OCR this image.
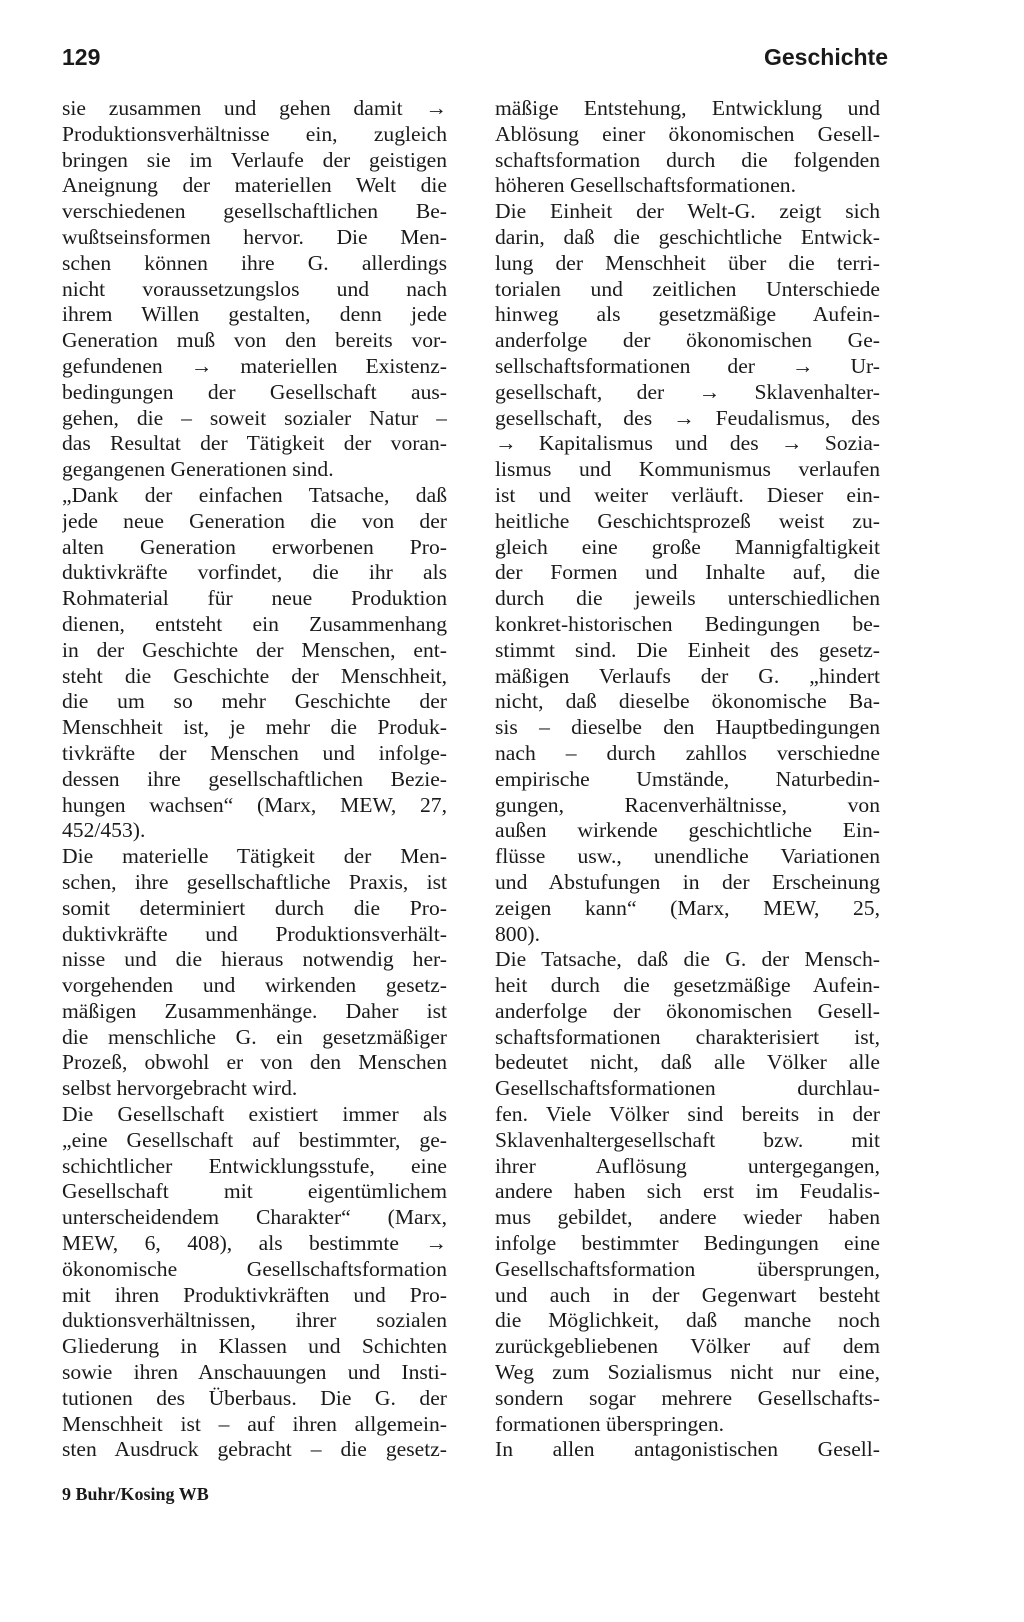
129	Geschichte
sie zusammen und gehen damit →
Produktionsverhältnisse ein, zugleich
bringen sie im Verlaufe der geistigen
Aneignung der materiellen Welt die
verschiedenen gesellschaftlichen Be-
wußtseinsformen hervor. Die Men-
schen können ihre G. allerdings
nicht voraussetzungslos und nach
ihrem Willen gestalten, denn jede
Generation muß von den bereits vor-
gefundenen → materiellen Existenz-
bedingungen der Gesellschaft aus-
gehen, die – soweit sozialer Natur –
das Resultat der Tätigkeit der voran-
gegangenen Generationen sind.
„Dank der einfachen Tatsache, daß
jede neue Generation die von der
alten Generation erworbenen Pro-
duktivkräfte vorfindet, die ihr als
Rohmaterial für neue Produktion
dienen, entsteht ein Zusammenhang
in der Geschichte der Menschen, ent-
steht die Geschichte der Menschheit,
die um so mehr Geschichte der
Menschheit ist, je mehr die Produk-
tivkräfte der Menschen und infolge-
dessen ihre gesellschaftlichen Bezie-
hungen wachsen“ (Marx, MEW, 27,
452/453).
Die materielle Tätigkeit der Men-
schen, ihre gesellschaftliche Praxis, ist
somit determiniert durch die Pro-
duktivkräfte und Produktionsverhält-
nisse und die hieraus notwendig her-
vorgehenden und wirkenden gesetz-
mäßigen Zusammenhänge. Daher ist
die menschliche G. ein gesetzmäßiger
Prozeß, obwohl er von den Menschen
selbst hervorgebracht wird.
Die Gesellschaft existiert immer als
„eine Gesellschaft auf bestimmter, ge-
schichtlicher Entwicklungsstufe, eine
Gesellschaft mit eigentümlichem
unterscheidendem Charakter“ (Marx,
MEW, 6, 408), als bestimmte →
ökonomische Gesellschaftsformation
mit ihren Produktivkräften und Pro-
duktionsverhältnissen, ihrer sozialen
Gliederung in Klassen und Schichten
sowie ihren Anschauungen und Insti-
tutionen des Überbaus. Die G. der
Menschheit ist – auf ihren allgemein-
sten Ausdruck gebracht – die gesetz-
mäßige Entstehung, Entwicklung und
Ablösung einer ökonomischen Gesell-
schaftsformation durch die folgenden
höheren Gesellschaftsformationen.
Die Einheit der Welt-G. zeigt sich
darin, daß die geschichtliche Entwick-
lung der Menschheit über die terri-
torialen und zeitlichen Unterschiede
hinweg als gesetzmäßige Aufein-
anderfolge der ökonomischen Ge-
sellschaftsformationen der → Ur-
gesellschaft, der → Sklavenhalter-
gesellschaft, des → Feudalismus, des
→ Kapitalismus und des → Sozia-
lismus und Kommunismus verlaufen
ist und weiter verläuft. Dieser ein-
heitliche Geschichtsprozeß weist zu-
gleich eine große Mannigfaltigkeit
der Formen und Inhalte auf, die
durch die jeweils unterschiedlichen
konkret-historischen Bedingungen be-
stimmt sind. Die Einheit des gesetz-
mäßigen Verlaufs der G. „hindert
nicht, daß dieselbe ökonomische Ba-
sis – dieselbe den Hauptbedingungen
nach – durch zahllos verschiedne
empirische Umstände, Naturbedin-
gungen, Racenverhältnisse, von
außen wirkende geschichtliche Ein-
flüsse usw., unendliche Variationen
und Abstufungen in der Erscheinung
zeigen kann“ (Marx, MEW, 25,
800).
Die Tatsache, daß die G. der Mensch-
heit durch die gesetzmäßige Aufein-
anderfolge der ökonomischen Gesell-
schaftsformationen charakterisiert ist,
bedeutet nicht, daß alle Völker alle
Gesellschaftsformationen durchlau-
fen. Viele Völker sind bereits in der
Sklavenhaltergesellschaft bzw. mit
ihrer Auflösung untergegangen,
andere haben sich erst im Feudalis-
mus gebildet, andere wieder haben
infolge bestimmter Bedingungen eine
Gesellschaftsformation übersprungen,
und auch in der Gegenwart besteht
die Möglichkeit, daß manche noch
zurückgebliebenen Völker auf dem
Weg zum Sozialismus nicht nur eine,
sondern sogar mehrere Gesellschafts-
formationen überspringen.
In allen antagonistischen Gesell-
9 Buhr/Kosing WB
